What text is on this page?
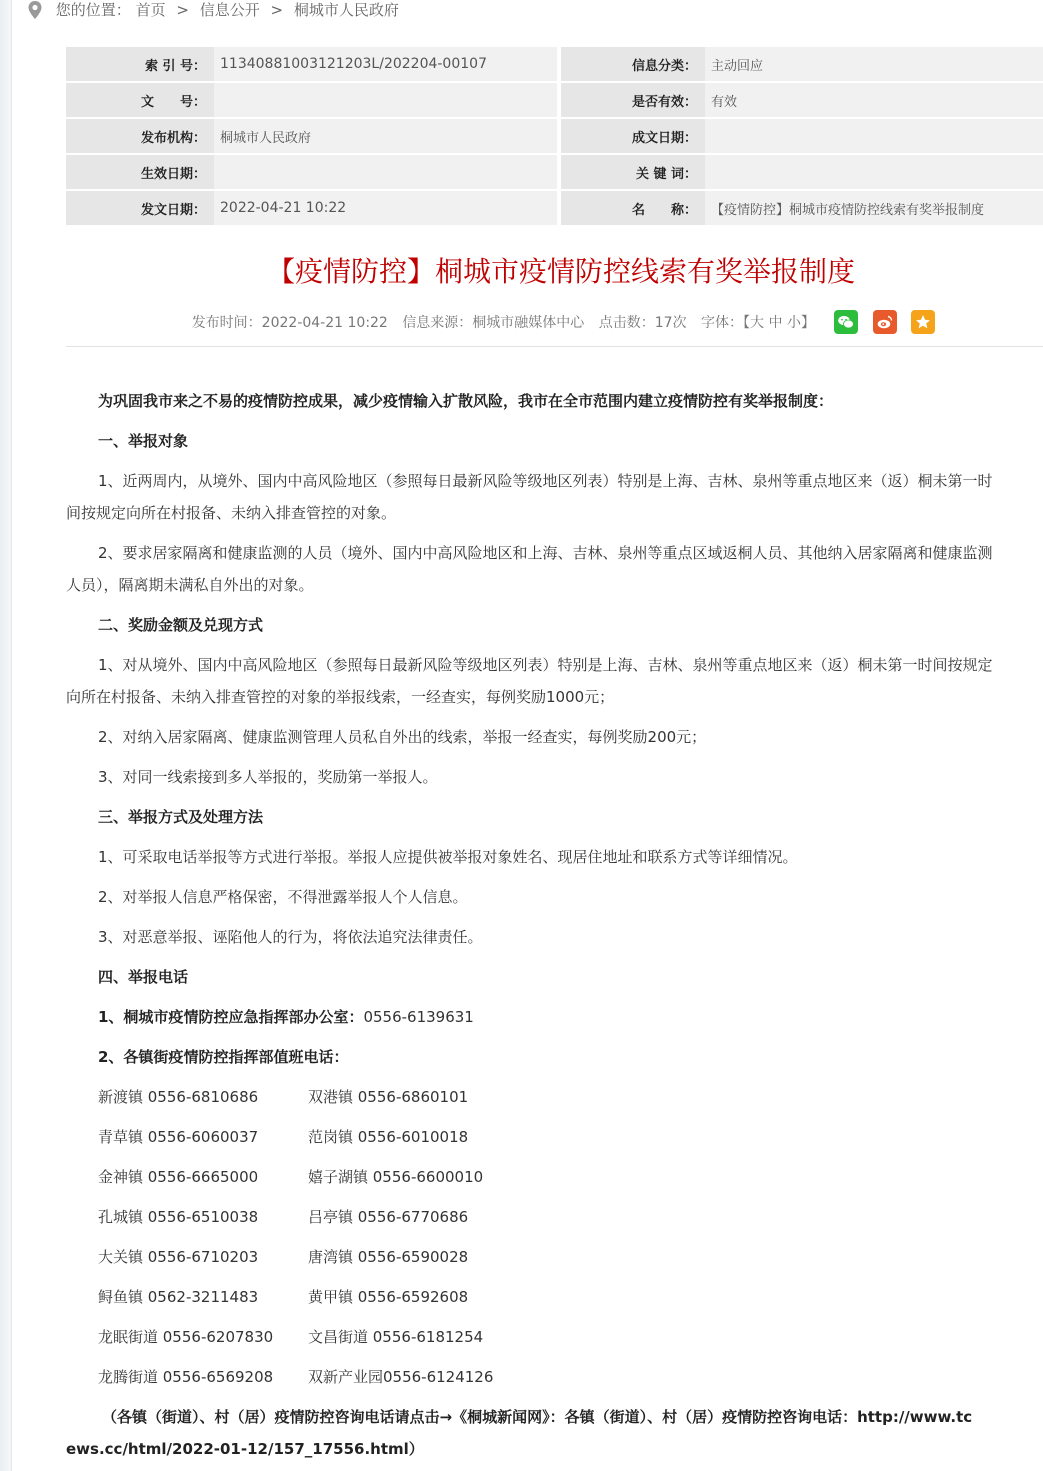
您的位置： 首页 > 信息公开 > 桐城市人民政府
索 引 号：	11340881003121203L/202204-00107		信息分类：	主动回应
文　　号：			是否有效：	有效
发布机构：	桐城市人民政府		成文日期：	
生效日期：			关 键 词：	
发文日期：	2022-04-21 10:22		名　　称：	【疫情防控】桐城市疫情防控线索有奖举报制度
【疫情防控】桐城市疫情防控线索有奖举报制度
发布时间：2022-04-21 10:22 信息来源：桐城市融媒体中心 点击数：17次 字体：【大 中 小】

为巩固我市来之不易的疫情防控成果，减少疫情输入扩散风险，我市在全市范围内建立疫情防控有奖举报制度：

一、举报对象

1、近两周内，从境外、国内中高风险地区（参照每日最新风险等级地区列表）特别是上海、吉林、泉州等重点地区来（返）桐未第一时
间按规定向所在村报备、未纳入排查管控的对象。
2、要求居家隔离和健康监测的人员（境外、国内中高风险地区和上海、吉林、泉州等重点区域返桐人员、其他纳入居家隔离和健康监测
人员），隔离期未满私自外出的对象。

二、奖励金额及兑现方式

1、对从境外、国内中高风险地区（参照每日最新风险等级地区列表）特别是上海、吉林、泉州等重点地区来（返）桐未第一时间按规定
向所在村报备、未纳入排查管控的对象的举报线索，一经查实，每例奖励1000元；

2、对纳入居家隔离、健康监测管理人员私自外出的线索，举报一经查实，每例奖励200元；

3、对同一线索接到多人举报的，奖励第一举报人。

三、举报方式及处理方法

1、可采取电话举报等方式进行举报。举报人应提供被举报对象姓名、现居住地址和联系方式等详细情况。

2、对举报人信息严格保密，不得泄露举报人个人信息。

3、对恶意举报、诬陷他人的行为，将依法追究法律责任。

四、举报电话

1、桐城市疫情防控应急指挥部办公室：0556-6139631

2、各镇街疫情防控指挥部值班电话：

新渡镇 0556-6810686	双港镇 0556-6860101
青草镇 0556-6060037	范岗镇 0556-6010018
金神镇 0556-6665000	嬉子湖镇 0556-6600010
孔城镇 0556-6510038	吕亭镇 0556-6770686
大关镇 0556-6710203	唐湾镇 0556-6590028
鲟鱼镇 0562-3211483	黄甲镇 0556-6592608
龙眠街道 0556-6207830	文昌街道 0556-6181254
龙腾街道 0556-6569208	双新产业园0556-6124126
（各镇（街道）、村（居）疫情防控咨询电话请点击→《桐城新闻网》：各镇（街道）、村（居）疫情防控咨询电话：http://www.tc
ews.cc/html/2022-01-12/157_17556.html）
